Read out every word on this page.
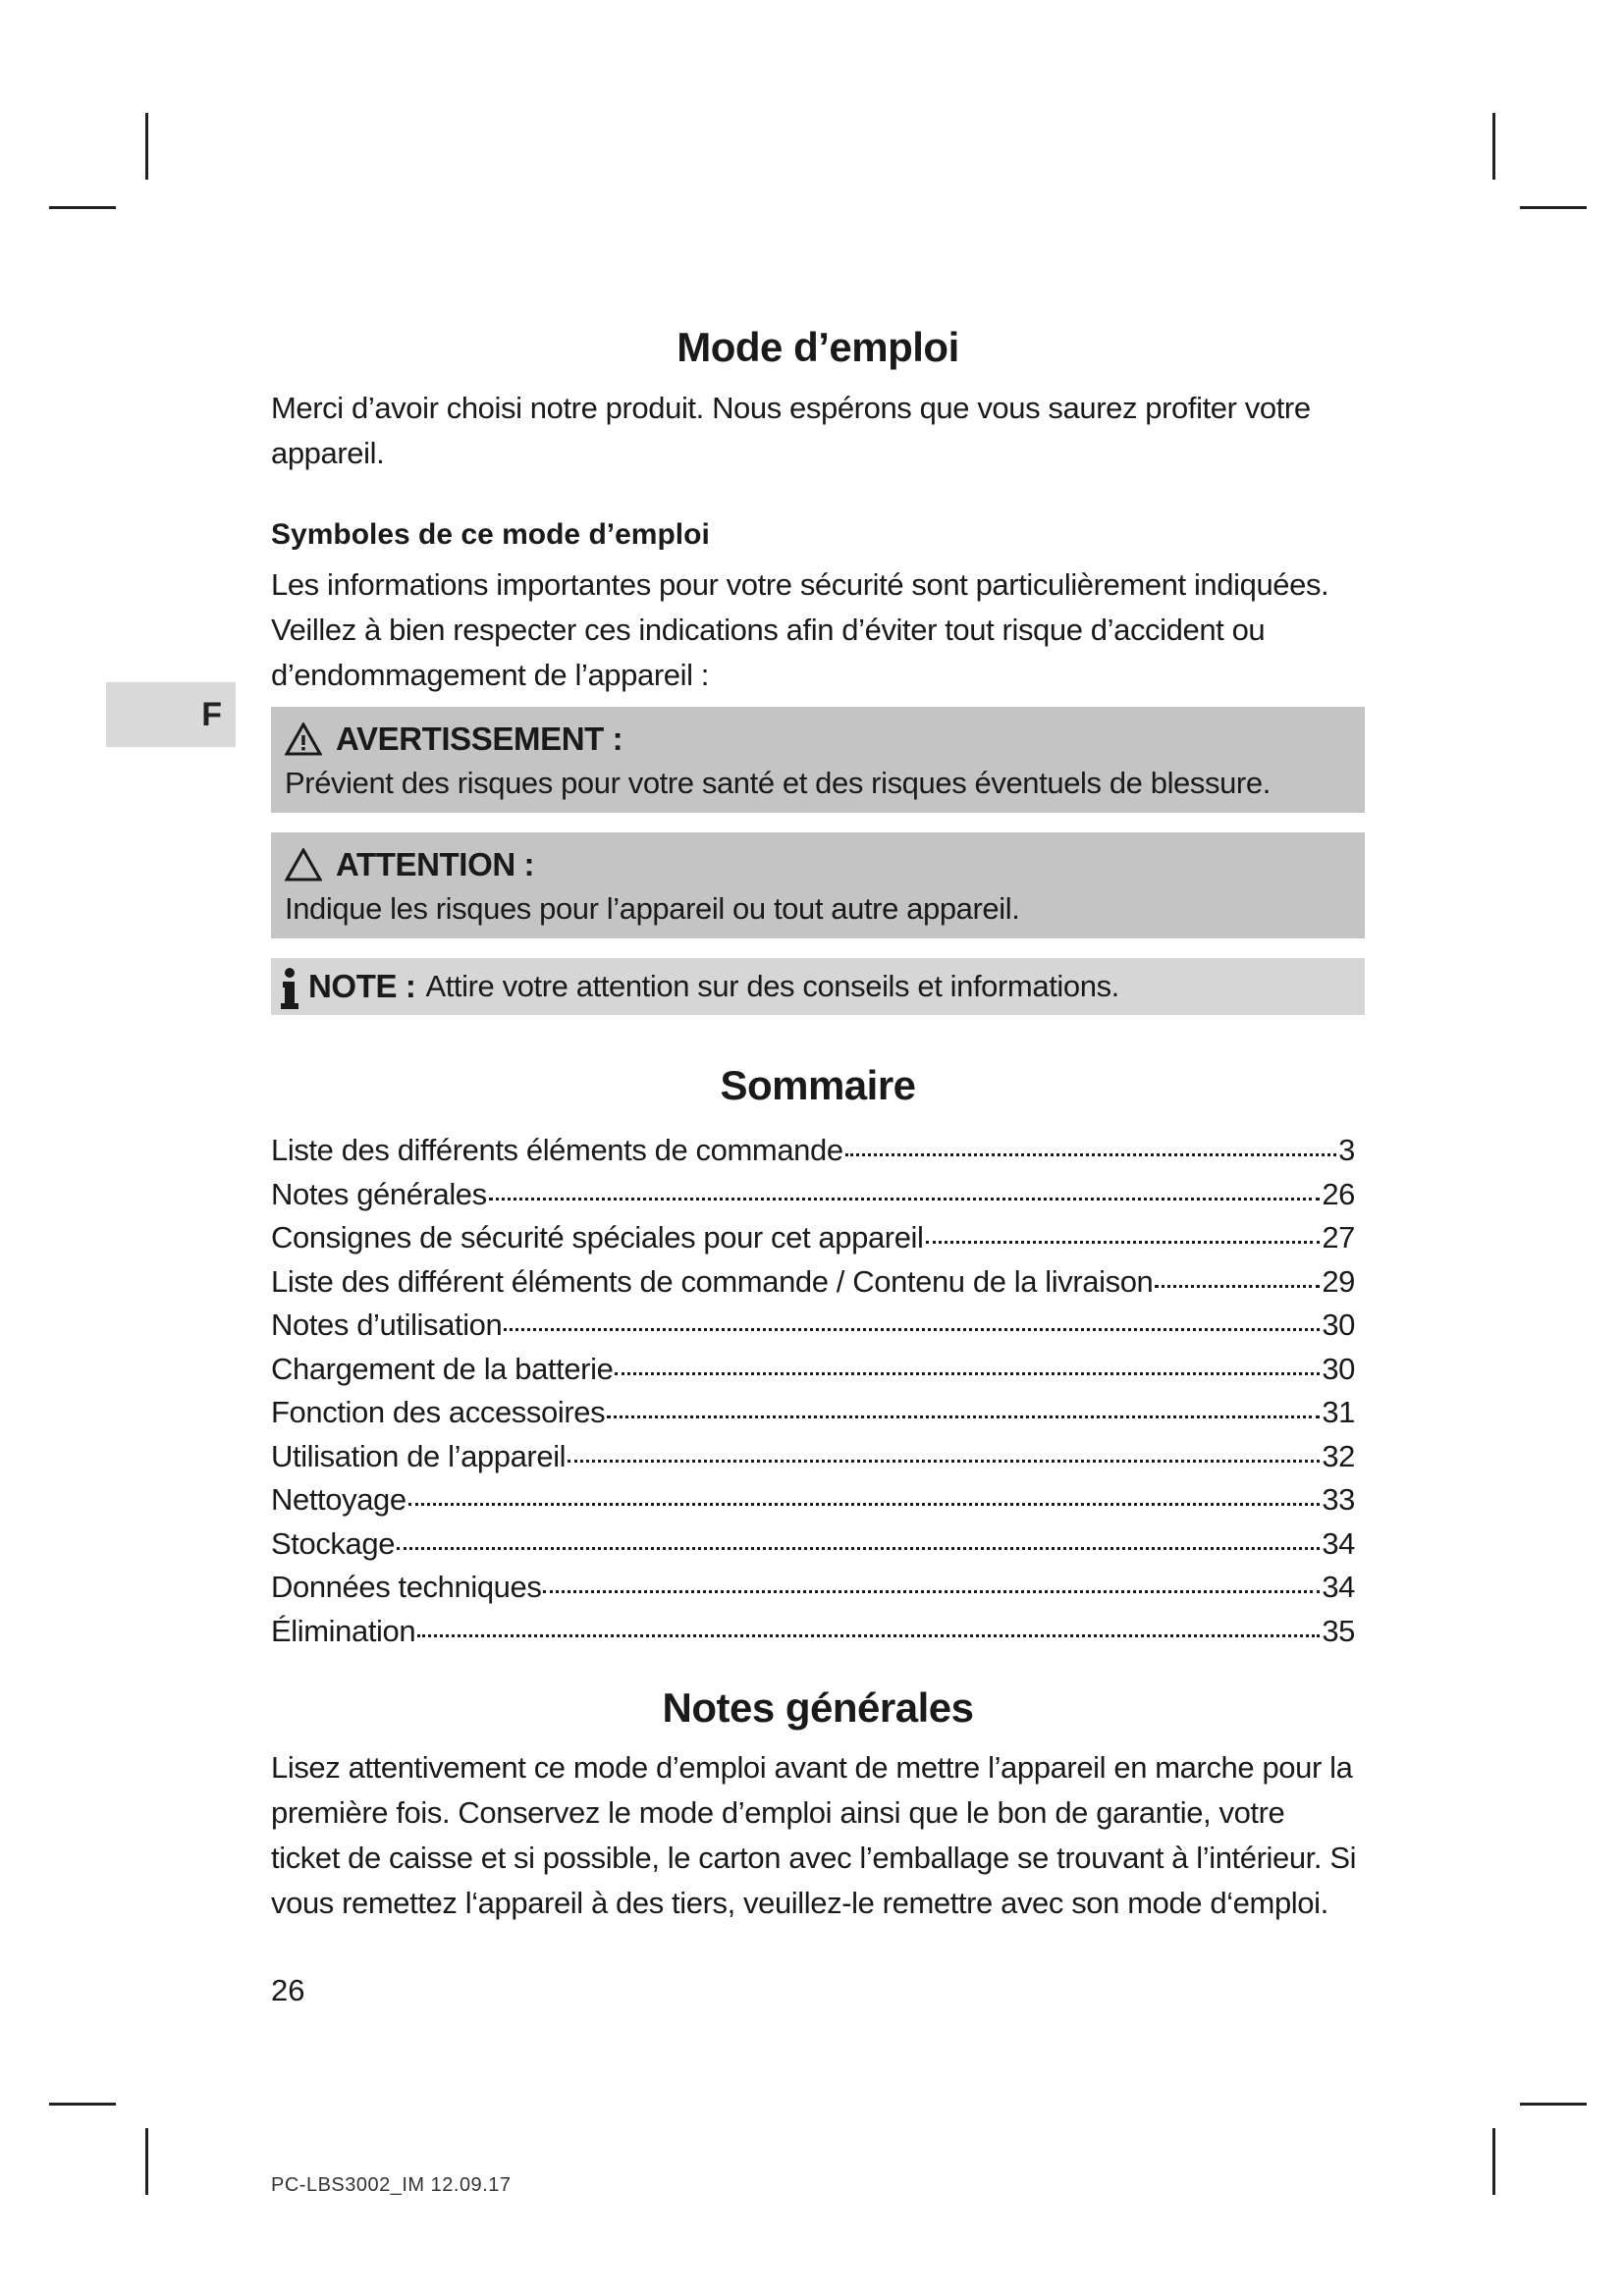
F
Mode d’emploi

Merci d’avoir choisi notre produit. Nous espérons que vous saurez profiter votre appareil.

Symboles de ce mode d’emploi

Les informations importantes pour votre sécurité sont particulièrement indiquées. Veillez à bien respecter ces indications afin d’éviter tout risque d’accident ou d’endommagement de l’appareil :

AVERTISSEMENT :
Prévient des risques pour votre santé et des risques éventuels de blessure.
ATTENTION :
Indique les risques pour l’appareil ou tout autre appareil.
NOTE : Attire votre attention sur des conseils et informations.
Sommaire
Liste des différents éléments de commande	3
Notes générales	26
Consignes de sécurité spéciales pour cet appareil	27
Liste des différent éléments de commande / Contenu de la livraison	29
Notes d’utilisation	30
Chargement de la batterie	30
Fonction des accessoires	31
Utilisation de l’appareil	32
Nettoyage	33
Stockage	34
Données techniques	34
Élimination	35
Notes générales

Lisez attentivement ce mode d’emploi avant de mettre l’appareil en marche pour la première fois. Conservez le mode d’emploi ainsi que le bon de garantie, votre ticket de caisse et si possible, le carton avec l’emballage se trouvant à l’intérieur. Si vous remettez l‘appareil à des tiers, veuillez-le remettre avec son mode d‘emploi.

26
PC-LBS3002_IM 12.09.17
